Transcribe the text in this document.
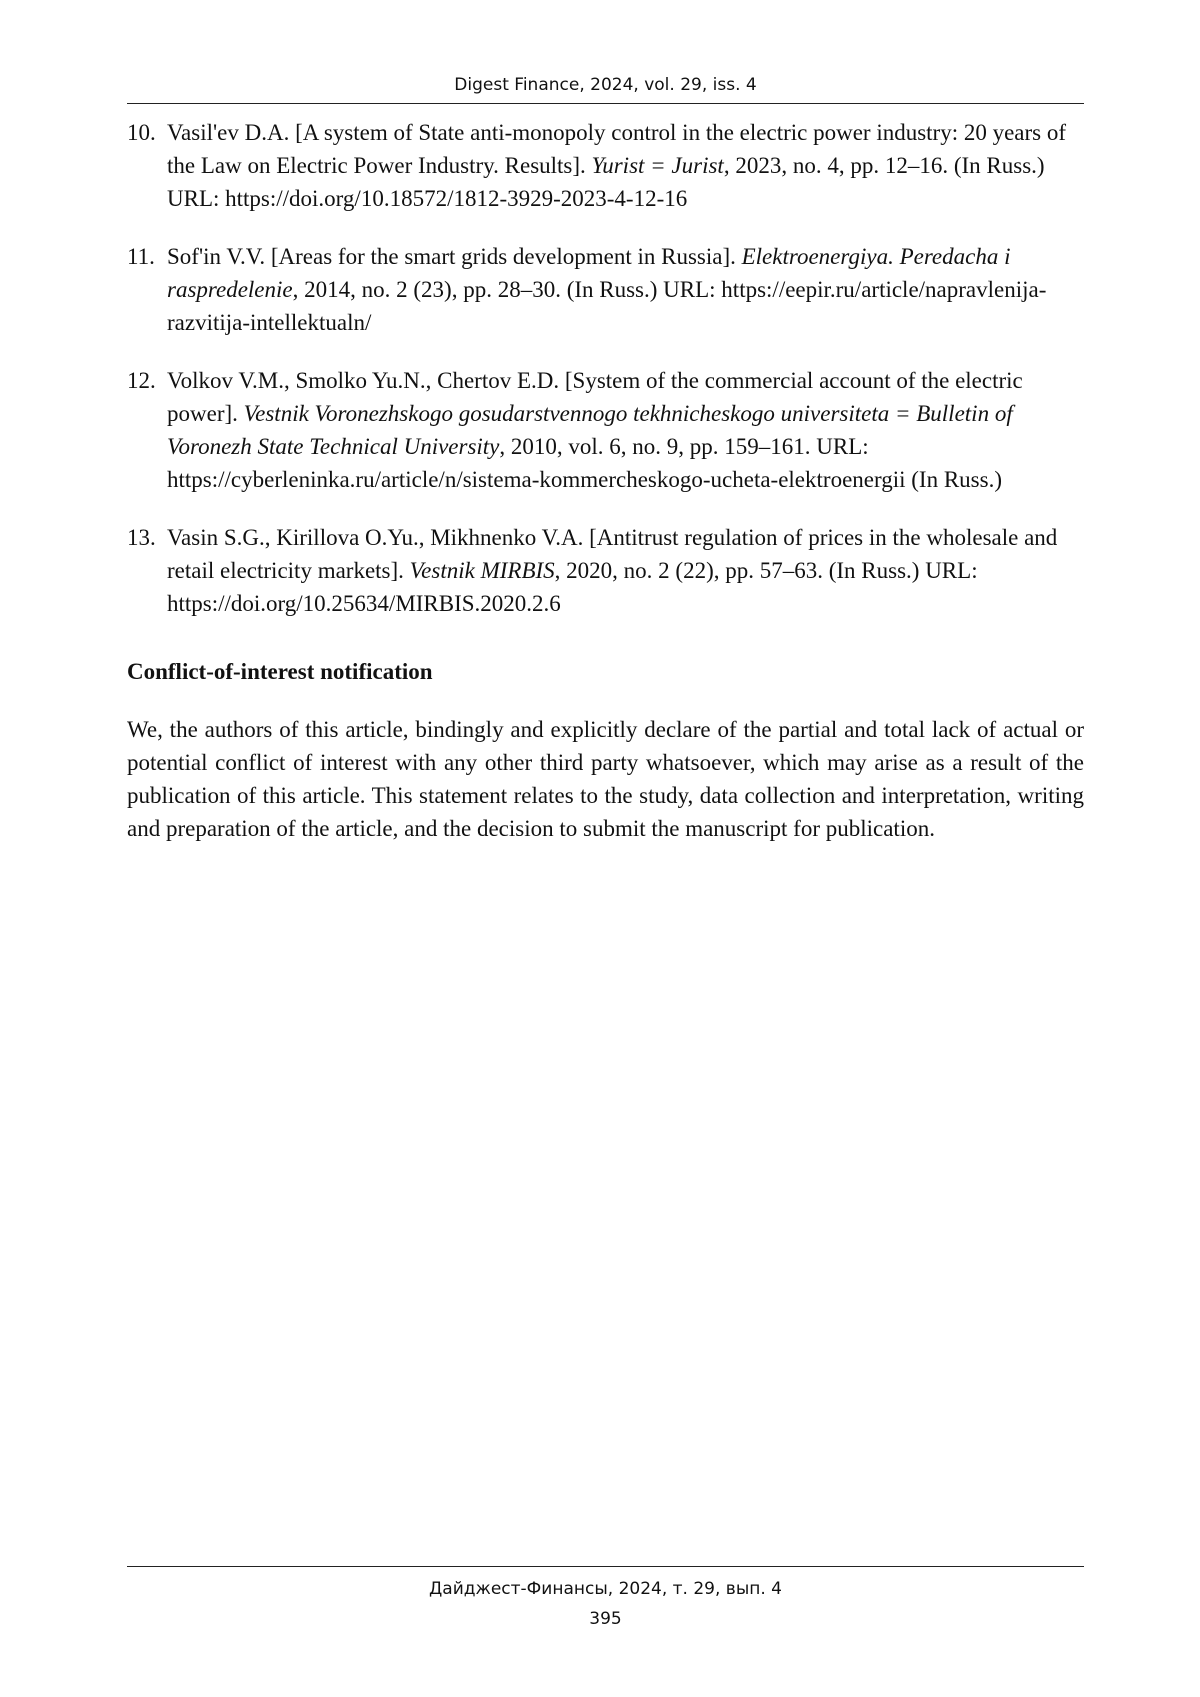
Digest Finance, 2024, vol. 29, iss. 4
10. Vasil'ev D.A. [A system of State anti-monopoly control in the electric power industry: 20 years of the Law on Electric Power Industry. Results]. Yurist = Jurist, 2023, no. 4, pp. 12–16. (In Russ.) URL: https://doi.org/10.18572/1812-3929-2023-4-12-16
11. Sof'in V.V. [Areas for the smart grids development in Russia]. Elektroenergiya. Peredacha i raspredelenie, 2014, no. 2 (23), pp. 28–30. (In Russ.) URL: https://eepir.ru/article/napravlenija-razvitija-intellektualn/
12. Volkov V.M., Smolko Yu.N., Chertov E.D. [System of the commercial account of the electric power]. Vestnik Voronezhskogo gosudarstvennogo tekhnicheskogo universiteta = Bulletin of Voronezh State Technical University, 2010, vol. 6, no. 9, pp. 159–161. URL: https://cyberleninka.ru/article/n/sistema-kommercheskogo-ucheta-elektroenergii (In Russ.)
13. Vasin S.G., Kirillova O.Yu., Mikhnenko V.A. [Antitrust regulation of prices in the wholesale and retail electricity markets]. Vestnik MIRBIS, 2020, no. 2 (22), pp. 57–63. (In Russ.) URL: https://doi.org/10.25634/MIRBIS.2020.2.6
Conflict-of-interest notification

We, the authors of this article, bindingly and explicitly declare of the partial and total lack of actual or potential conflict of interest with any other third party whatsoever, which may arise as a result of the publication of this article. This statement relates to the study, data collection and interpretation, writing and preparation of the article, and the decision to submit the manuscript for publication.

Дайджест-Финансы, 2024, т. 29, вып. 4
395
